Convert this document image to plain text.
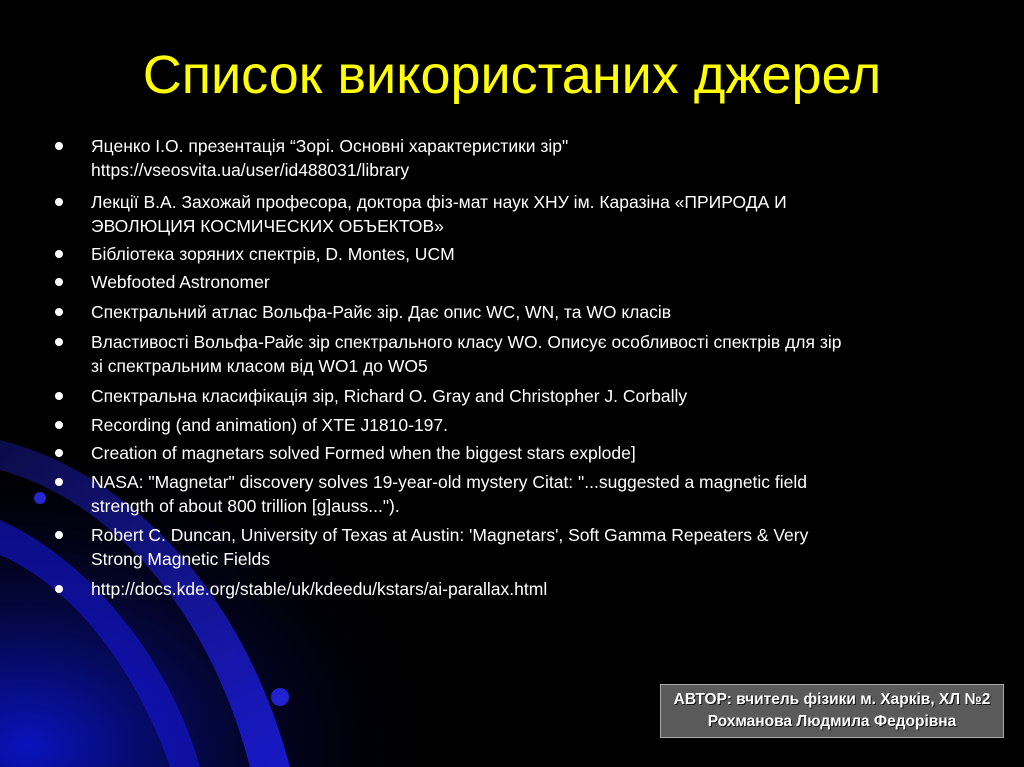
Список використаних джерел
Яценко І.О. презентація “Зорі. Основні характеристики зір"
https://vseosvita.ua/user/id488031/library
Лекції В.А. Захожай професора, доктора фіз-мат наук ХНУ ім. Каразіна «ПРИРОДА И
ЭВОЛЮЦИЯ КОСМИЧЕСКИХ ОБЪЕКТОВ»
Бібліотека зоряних спектрів, D. Montes, UCM
Webfooted Astronomer
Спектральний атлас Вольфа-Райє зір. Дає опис WC, WN, та WO класів
Властивості Вольфа-Райє зір спектрального класу WO. Описує особливості спектрів для зір
зі спектральним класом від WO1 до WO5
Спектральна класифікація зір, Richard O. Gray and Christopher J. Corbally
Recording (and animation) of XTE J1810-197.
Creation of magnetars solved Formed when the biggest stars explode]
NASA: "Magnetar" discovery solves 19-year-old mystery Citat: "...suggested a magnetic field
strength of about 800 trillion [g]auss...").
Robert C. Duncan, University of Texas at Austin: 'Magnetars', Soft Gamma Repeaters & Very
Strong Magnetic Fields
http://docs.kde.org/stable/uk/kdeedu/kstars/ai-parallax.html
АВТОР: вчитель фізики м. Харків, ХЛ №2
Рохманова Людмила Федорівна
